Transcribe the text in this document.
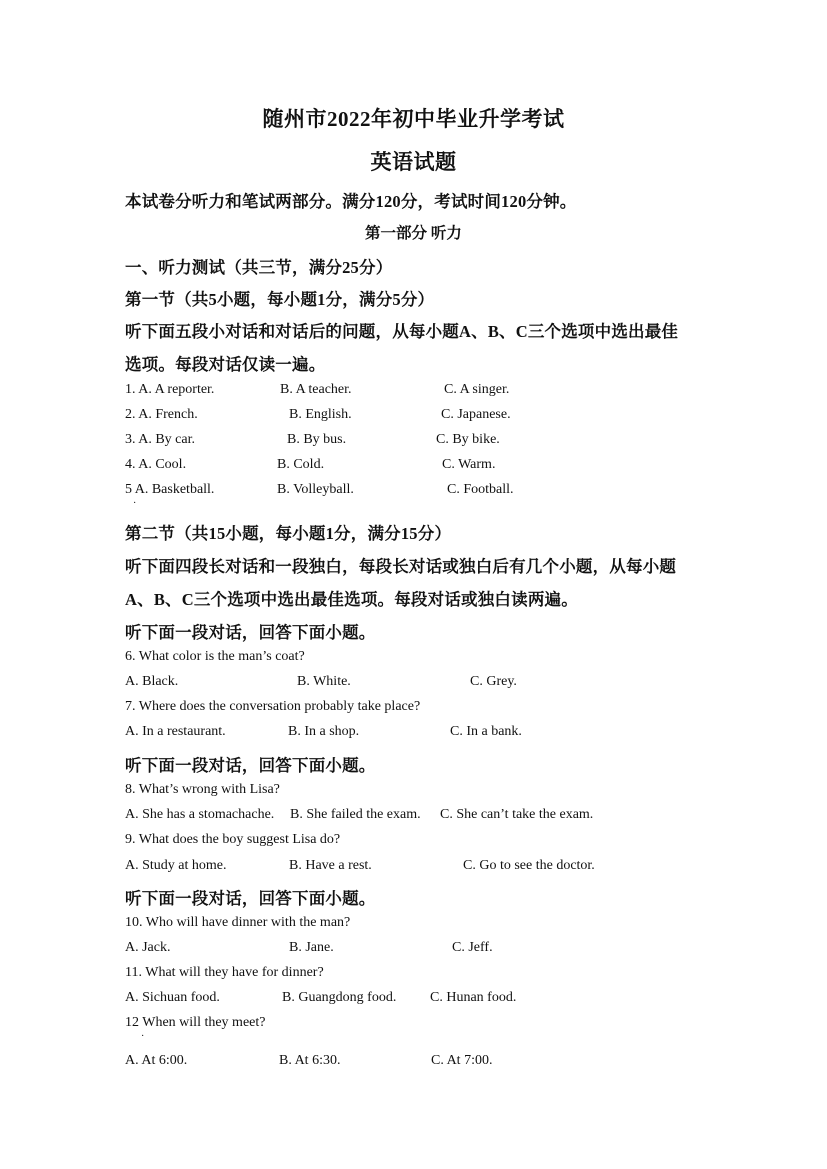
随州市2022年初中毕业升学考试
英语试题
本试卷分听力和笔试两部分。满分120分，考试时间120分钟。
第一部分 听力
一、听力测试（共三节，满分25分）
第一节（共5小题，每小题1分，满分5分）
听下面五段小对话和对话后的问题，从每小题A、B、C三个选项中选出最佳
选项。每段对话仅读一遍。
1. A. A reporter.	B. A teacher.	C. A singer.
2. A. French.	B. English.	C. Japanese.
3. A. By car.	B. By bus.	C. By bike.
4. A. Cool.	B. Cold.	C. Warm.
5 A. Basketball.	B. Volleyball.	C. Football.
·
第二节（共15小题，每小题1分，满分15分）
听下面四段长对话和一段独白，每段长对话或独白后有几个小题，从每小题
A、B、C三个选项中选出最佳选项。每段对话或独白读两遍。
听下面一段对话，回答下面小题。
6. What color is the man’s coat?
A. Black.	B. White.	C. Grey.
7. Where does the conversation probably take place?
A. In a restaurant.	B. In a shop.	C. In a bank.
听下面一段对话，回答下面小题。
8. What’s wrong with Lisa?
A. She has a stomachache. B. She failed the exam. C. She can’t take the exam.
9. What does the boy suggest Lisa do?
A. Study at home.	B. Have a rest.	C. Go to see the doctor.
听下面一段对话，回答下面小题。
10. Who will have dinner with the man?
A. Jack.	B. Jane.	C. Jeff.
11. What will they have for dinner?
A. Sichuan food.	B. Guangdong food. C. Hunan food.
12 When will they meet?
·
A. At 6:00.	B. At 6:30.	C. At 7:00.
